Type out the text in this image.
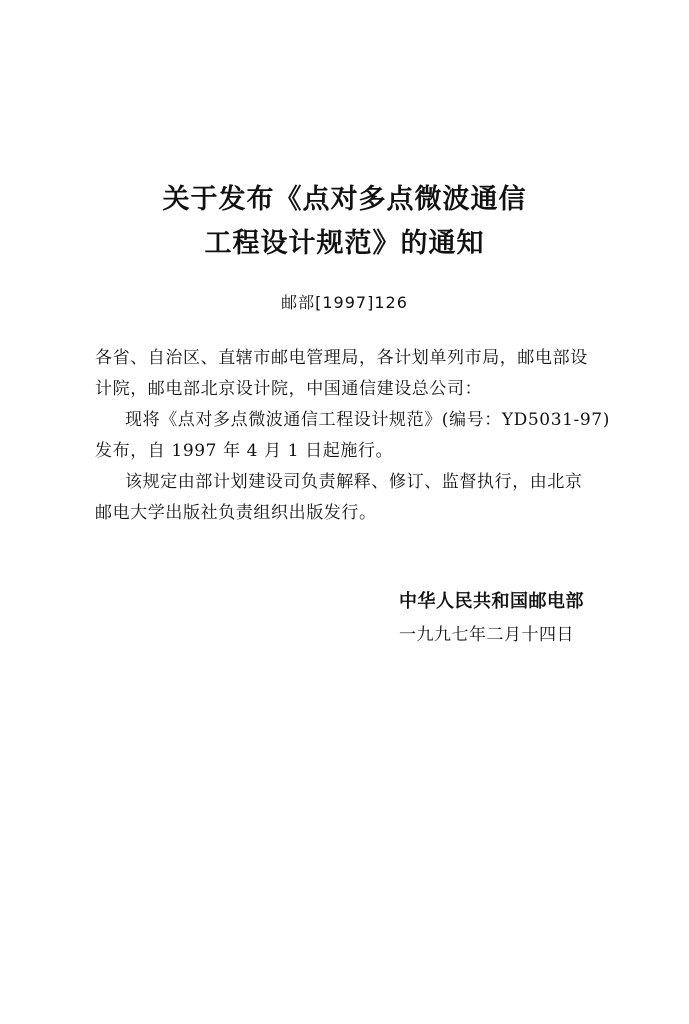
关于发布《点对多点微波通信
工程设计规范》的通知
邮部[1997]126
各省、自治区、直辖市邮电管理局，各计划单列市局，邮电部设
计院，邮电部北京设计院，中国通信建设总公司：
现将《点对多点微波通信工程设计规范》(编号：YD5031-97)
发布，自 1997 年 4 月 1 日起施行。
该规定由部计划建设司负责解释、修订、监督执行，由北京
邮电大学出版社负责组织出版发行。
中华人民共和国邮电部
一九九七年二月十四日
